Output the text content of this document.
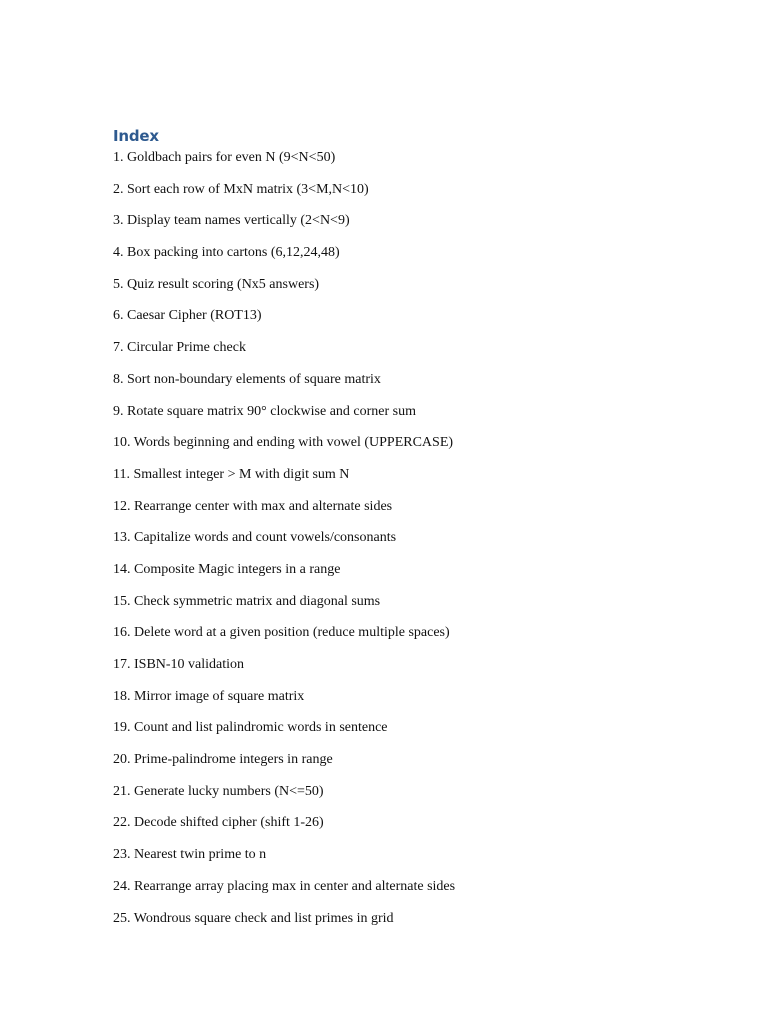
Index
1. Goldbach pairs for even N (9<N<50)
2. Sort each row of MxN matrix (3<M,N<10)
3. Display team names vertically (2<N<9)
4. Box packing into cartons (6,12,24,48)
5. Quiz result scoring (Nx5 answers)
6. Caesar Cipher (ROT13)
7. Circular Prime check
8. Sort non-boundary elements of square matrix
9. Rotate square matrix 90° clockwise and corner sum
10. Words beginning and ending with vowel (UPPERCASE)
11. Smallest integer > M with digit sum N
12. Rearrange center with max and alternate sides
13. Capitalize words and count vowels/consonants
14. Composite Magic integers in a range
15. Check symmetric matrix and diagonal sums
16. Delete word at a given position (reduce multiple spaces)
17. ISBN-10 validation
18. Mirror image of square matrix
19. Count and list palindromic words in sentence
20. Prime-palindrome integers in range
21. Generate lucky numbers (N<=50)
22. Decode shifted cipher (shift 1-26)
23. Nearest twin prime to n
24. Rearrange array placing max in center and alternate sides
25. Wondrous square check and list primes in grid
